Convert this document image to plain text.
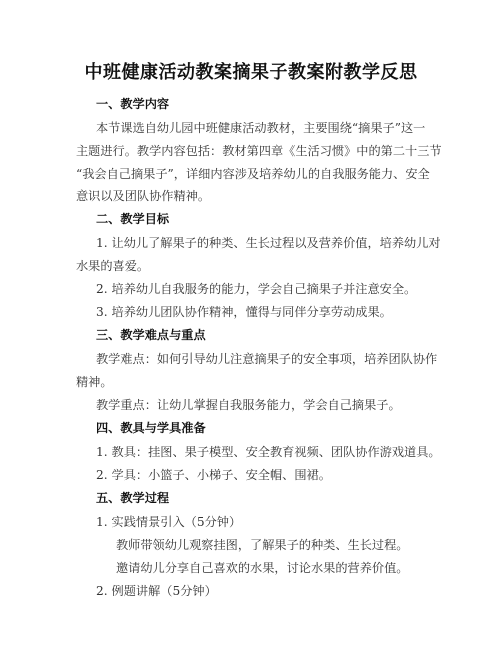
中班健康活动教案摘果子教案附教学反思
一、教学内容
本节课选自幼儿园中班健康活动教材，主要围绕“摘果子”这一
主题进行。教学内容包括：教材第四章《生活习惯》中的第二十三节
“我会自己摘果子”，详细内容涉及培养幼儿的自我服务能力、安全
意识以及团队协作精神。
二、教学目标
1. 让幼儿了解果子的种类、生长过程以及营养价值，培养幼儿对
水果的喜爱。
2. 培养幼儿自我服务的能力，学会自己摘果子并注意安全。
3. 培养幼儿团队协作精神，懂得与同伴分享劳动成果。
三、教学难点与重点
教学难点：如何引导幼儿注意摘果子的安全事项，培养团队协作
精神。
教学重点：让幼儿掌握自我服务能力，学会自己摘果子。
四、教具与学具准备
1. 教具：挂图、果子模型、安全教育视频、团队协作游戏道具。
2. 学具：小篮子、小梯子、安全帽、围裙。
五、教学过程
1. 实践情景引入（5分钟）
教师带领幼儿观察挂图，了解果子的种类、生长过程。
邀请幼儿分享自己喜欢的水果，讨论水果的营养价值。
2. 例题讲解（5分钟）
